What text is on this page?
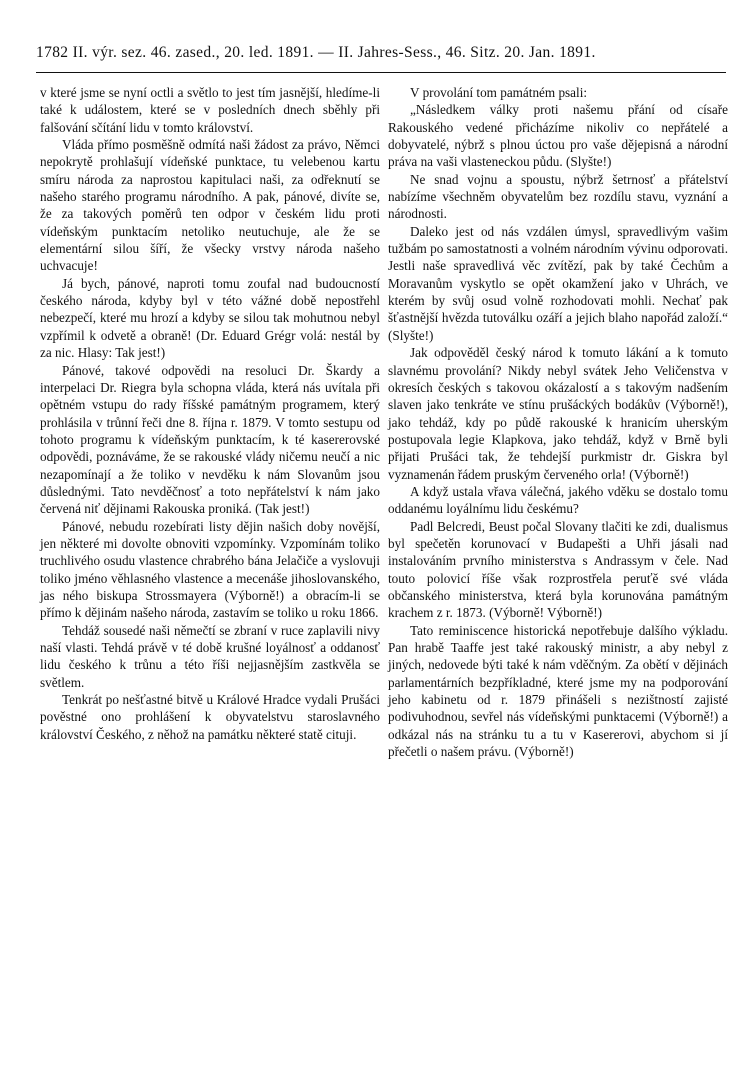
1782 II. výr. sez. 46. zased., 20. led. 1891. — II. Jahres-Sess., 46. Sitz. 20. Jan. 1891.

v které jsme se nyní octli a světlo to jest tím jasnější, hledíme-li také k událostem, které se v posledních dnech sběhly při falšování sčítání lidu v tomto království.

Vláda přímo posměšně odmítá naši žádost za právo, Němci nepokrytě prohlašují vídeňské punktace, tu velebenou kartu smíru národa za naprostou kapitulaci naši, za odřeknutí se našeho starého programu národního. A pak, pánové, divíte se, že za takových poměrů ten odpor v českém lidu proti vídeňským punktacím netoliko neutuchuje, ale že se elementární silou šíří, že všecky vrstvy národa našeho uchvacuje!

Já bych, pánové, naproti tomu zoufal nad budoucností českého národa, kdyby byl v této vážné době nepostřehl nebezpečí, které mu hrozí a kdyby se silou tak mohutnou nebyl vzpřímil k odvetě a obraně! (Dr. Eduard Grégr volá: nestál by za nic. Hlasy: Tak jest!)

Pánové, takové odpovědi na resoluci Dr. Škardy a interpelaci Dr. Riegra byla schopna vláda, která nás uvítala při opětném vstupu do rady říšské památným programem, který prohlásila v trůnní řeči dne 8. října r. 1879. V tomto sestupu od tohoto programu k vídeňským punktacím, k té kasererovské odpovědi, poznáváme, že se rakouské vlády ničemu neučí a nic nezapomínají a že toliko v nevděku k nám Slovanům jsou důslednými. Tato nevděčnosť a toto nepřátelství k nám jako červená niť dějinami Rakouska proniká. (Tak jest!)

Pánové, nebudu rozebírati listy dějin našich doby novější, jen některé mi dovolte obnoviti vzpomínky. Vzpomínám toliko truchlivého osudu vlastence chrabrého bána Jelačiče a vyslovuji toliko jméno věhlasného vlastence a mecenáše jihoslovanského, jas ného biskupa Strossmayera (Výborně!) a obracím-li se přímo k dějinám našeho národa, zastavím se toliko u roku 1866.

Tehdáž sousedé naši němečtí se zbraní v ruce zaplavili nivy naší vlasti. Tehdá právě v té době krušné loyálnosť a oddanosť lidu českého k trůnu a této říši nejjasnějším zastkvěla se světlem.

Tenkrát po nešťastné bitvě u Králové Hradce vydali Prušáci pověstné ono prohlášení k obyvatelstvu staroslavného království Českého, z něhož na památku některé statě cituji.

V provolání tom památném psali:

„Následkem války proti našemu přání od císaře Rakouského vedené přicházíme nikoliv co nepřátelé a dobyvatelé, nýbrž s plnou úctou pro vaše dějepisná a národní práva na vaši vlasteneckou půdu. (Slyšte!)

Ne snad vojnu a spoustu, nýbrž šetrnosť a přátelství nabízíme všechněm obyvatelům bez rozdílu stavu, vyznání a národnosti.

Daleko jest od nás vzdálen úmysl, spravedlivým vašim tužbám po samostatnosti a volném národním vývinu odporovati. Jestli naše spravedlivá věc zvítězí, pak by také Čechům a Moravanům vyskytlo se opět okamžení jako v Uhrách, ve kterém by svůj osud volně rozhodovati mohli. Nechať pak šťastnější hvězda tutoválku ozáří a jejich blaho napořád založí.“ (Slyšte!)

Jak odpověděl český národ k tomuto lákání a k tomuto slavnému provolání? Nikdy nebyl svátek Jeho Veličenstva v okresích českých s takovou okázalostí a s takovým nadšením slaven jako tenkráte ve stínu prušáckých bodákův (Výborně!), jako tehdáž, kdy po půdě rakouské k hranicím uherským postupovala legie Klapkova, jako tehdáž, když v Brně byli přijati Prušáci tak, že tehdejší purkmistr dr. Giskra byl vyznamenán řádem pruským červeného orla! (Výborně!)

A když ustala vřava válečná, jakého vděku se dostalo tomu oddanému loyálnímu lidu českému?

Padl Belcredi, Beust počal Slovany tlačiti ke zdi, dualismus byl spečetěn korunovací v Budapešti a Uhři jásali nad instalováním prvního ministerstva s Andrassym v čele. Nad touto polovicí říše však rozprostřela peruťě své vláda občanského ministerstva, která byla korunována památným krachem z r. 1873. (Výborně! Výborně!)

Tato reminiscence historická nepotřebuje dalšího výkladu. Pan hrabě Taaffe jest také rakouský ministr, a aby nebyl z jiných, nedovede býti také k nám vděčným. Za obětí v dějinách parlamentárních bezpříkladné, které jsme my na podporování jeho kabinetu od r. 1879 přinášeli s nezištností zajisté podivuhodnou, sevřel nás vídeňskými punktacemi (Výborně!) a odkázal nás na stránku tu a tu v Kasererovi, abychom si jí přečetli o našem právu. (Výborně!)
